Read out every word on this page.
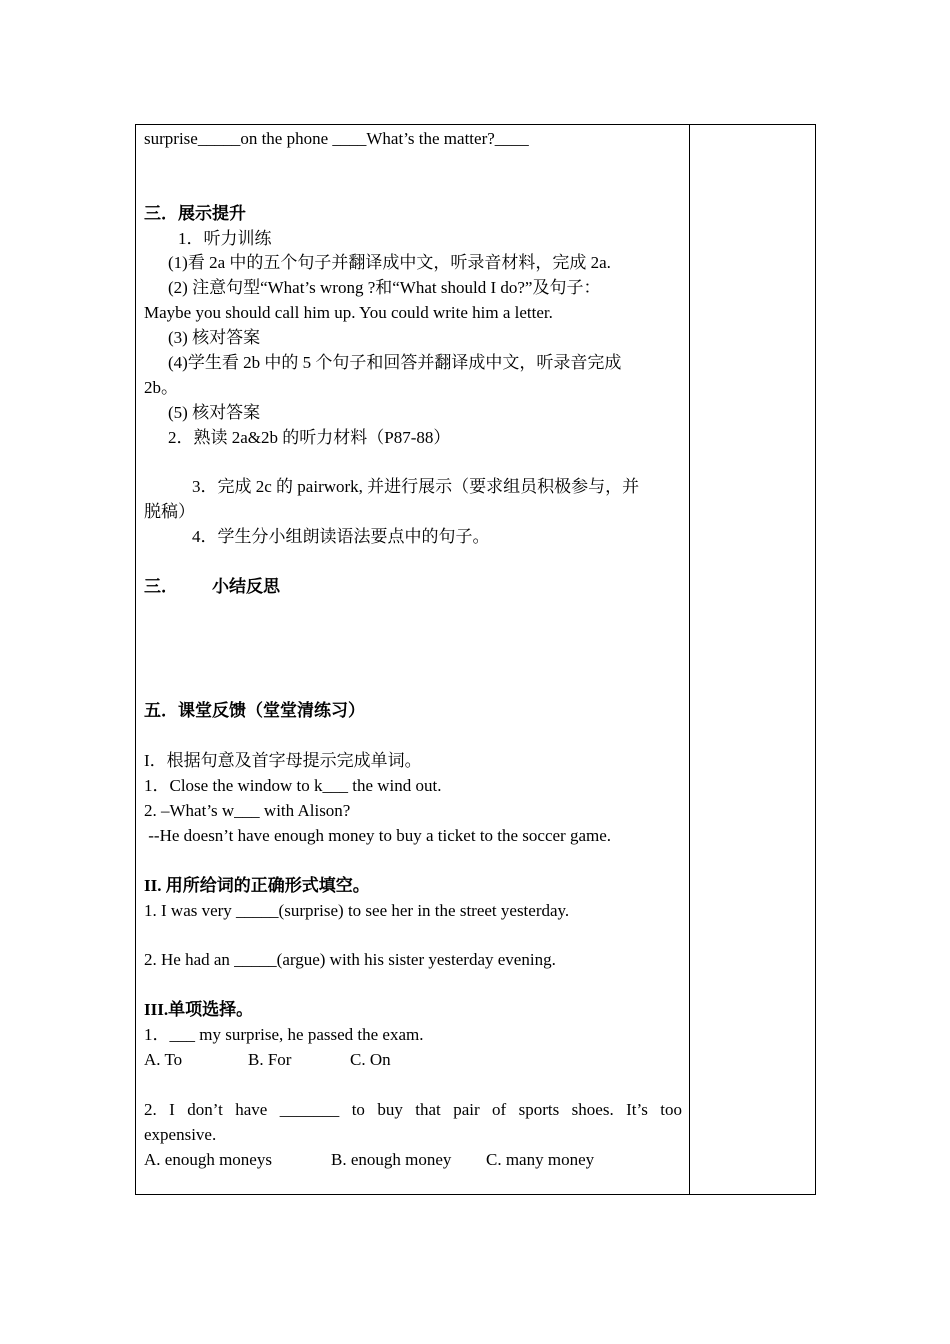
surprise_____on the phone ____What’s the matter?____
三．展示提升
1．听力训练
(1)看 2a 中的五个句子并翻译成中文，听录音材料，完成 2a.
(2) 注意句型“What’s wrong ?和“What should I do?”及句子：
Maybe you should call him up. You could write him a letter.
(3) 核对答案
(4)学生看 2b 中的 5 个句子和回答并翻译成中文，听录音完成
2b。
(5) 核对答案
2．熟读 2a&2b 的听力材料（P87-88）
3．完成 2c 的 pairwork, 并进行展示（要求组员积极参与，并
脱稿）
4．学生分小组朗读语法要点中的句子。
三． 小结反思
五．课堂反馈（堂堂清练习）
I．根据句意及首字母提示完成单词。
1．Close the window to k___ the wind out.
2. –What’s w___ with Alison?
--He doesn’t have enough money to buy a ticket to the soccer game.
II. 用所给词的正确形式填空。
1. I was very _____(surprise) to see her in the street yesterday.
2. He had an _____(argue) with his sister yesterday evening.
III.单项选择。
1．___ my surprise, he passed the exam.
A. To	B. For	C. On
2. I don’t have _______ to buy that pair of sports shoes. It’s too
expensive.
A. enough moneys	B. enough money C. many money
